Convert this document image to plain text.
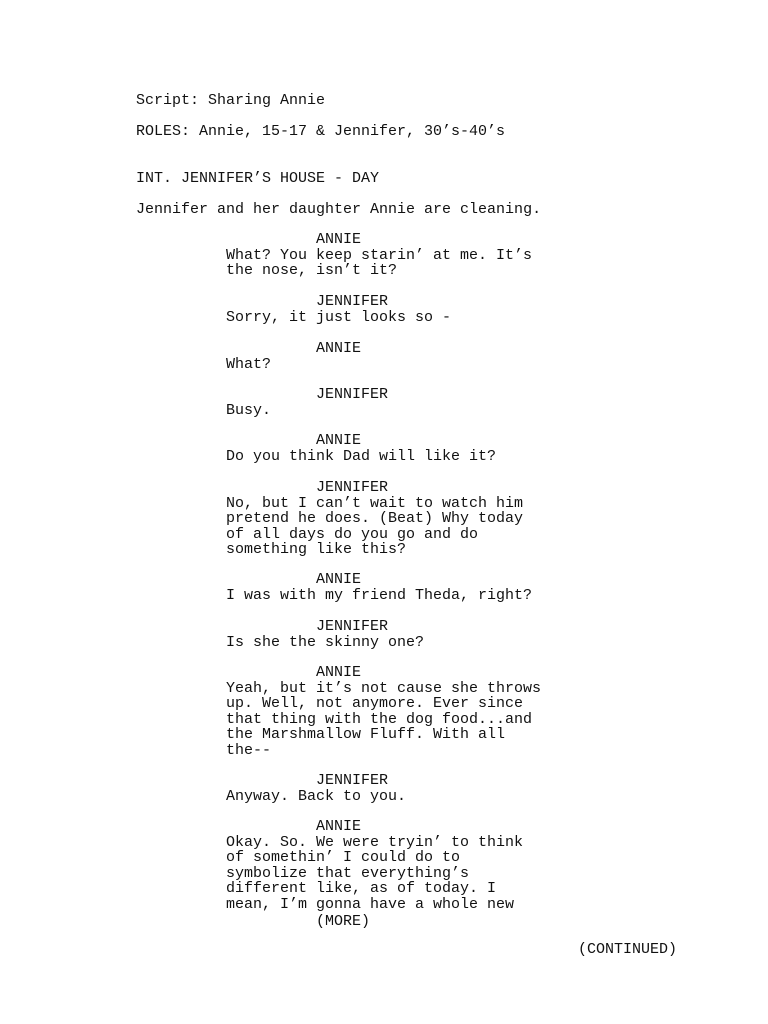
Script: Sharing Annie

ROLES: Annie, 15-17 & Jennifer, 30’s-40’s

INT. JENNIFER’S HOUSE - DAY

Jennifer and her daughter Annie are cleaning.

ANNIE

What? You keep starin’ at me. It’s
the nose, isn’t it?

JENNIFER

Sorry, it just looks so -

ANNIE

What?

JENNIFER

Busy.

ANNIE

Do you think Dad will like it?

JENNIFER

No, but I can’t wait to watch him
pretend he does. (Beat) Why today
of all days do you go and do
something like this?

ANNIE

I was with my friend Theda, right?

JENNIFER

Is she the skinny one?

ANNIE

Yeah, but it’s not cause she throws
up. Well, not anymore. Ever since
that thing with the dog food...and
the Marshmallow Fluff. With all
the--

JENNIFER

Anyway. Back to you.

ANNIE

Okay. So. We were tryin’ to think
of somethin’ I could do to
symbolize that everything’s
different like, as of today. I
mean, I’m gonna have a whole new

(MORE)

(CONTINUED)
